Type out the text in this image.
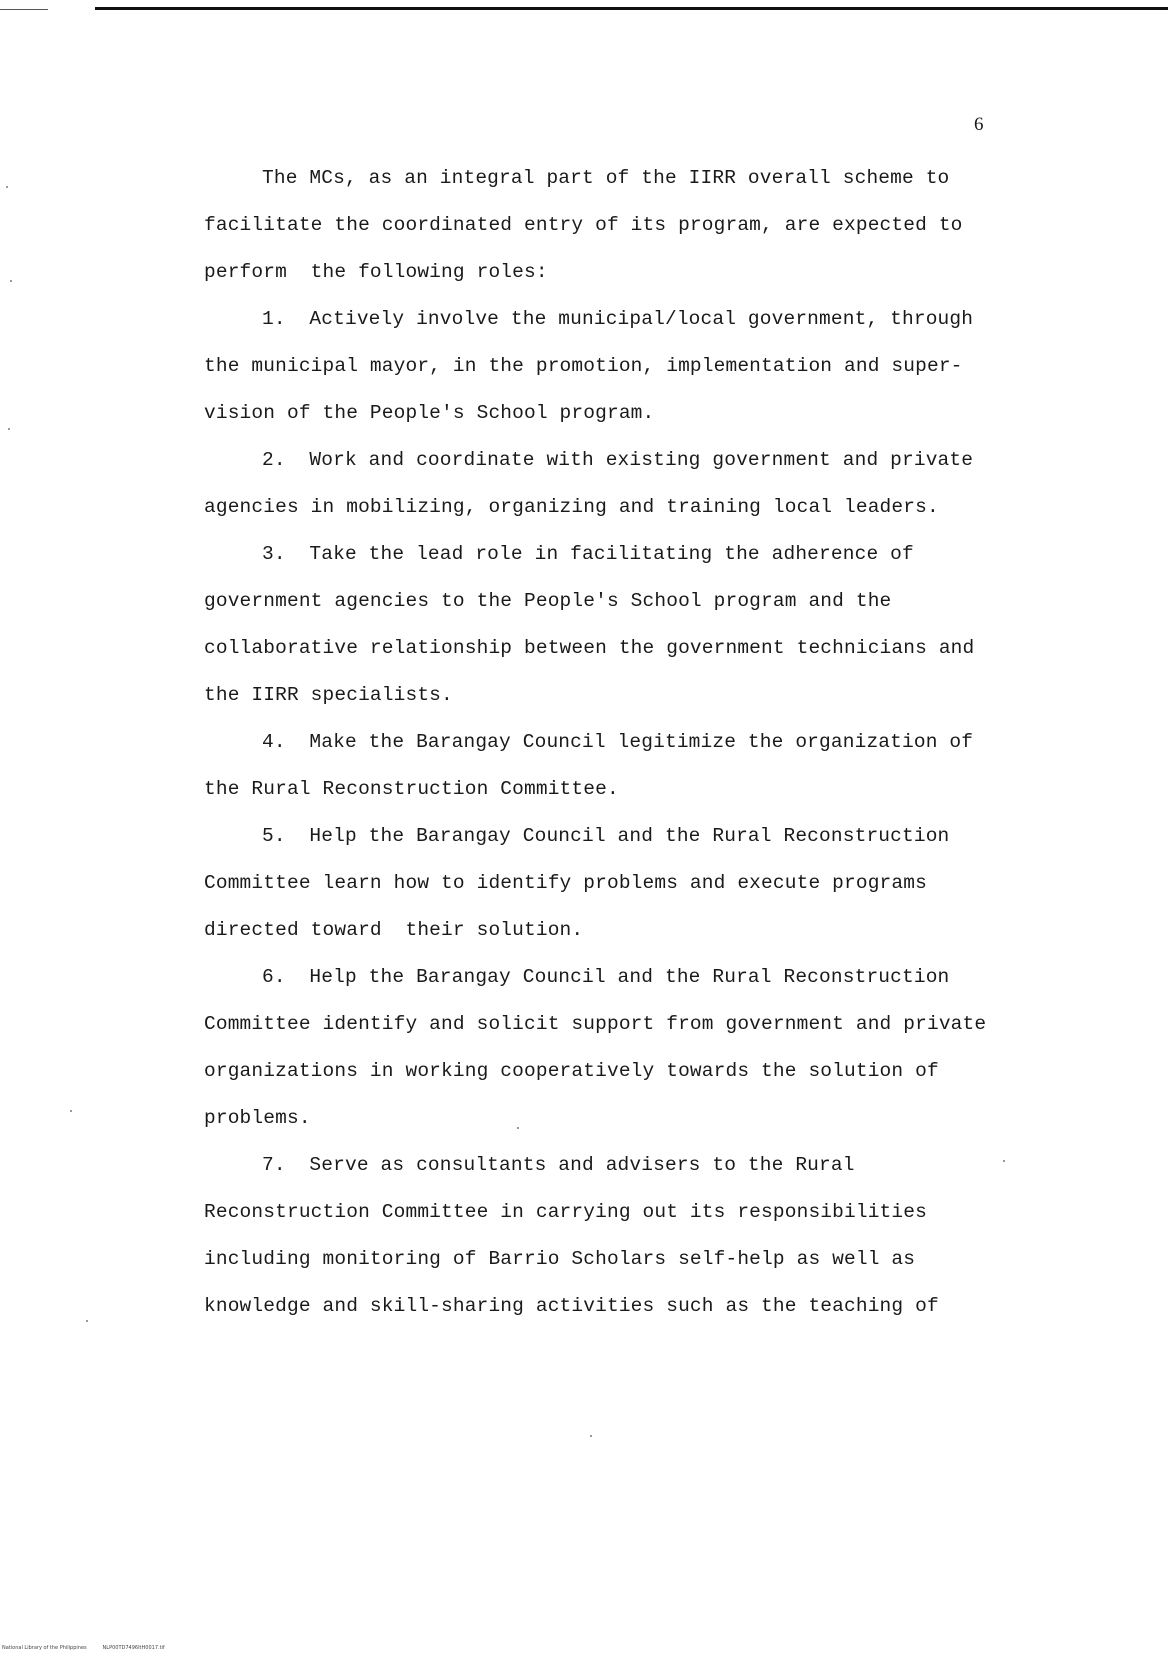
6
The MCs, as an integral part of the IIRR overall scheme to
facilitate the coordinated entry of its program, are expected to
perform  the following roles:
1.  Actively involve the municipal/local government, through
the municipal mayor, in the promotion, implementation and super-
vision of the People's School program.
2.  Work and coordinate with existing government and private
agencies in mobilizing, organizing and training local leaders.
3.  Take the lead role in facilitating the adherence of
government agencies to the People's School program and the
collaborative relationship between the government technicians and
the IIRR specialists.
4.  Make the Barangay Council legitimize the organization of
the Rural Reconstruction Committee.
5.  Help the Barangay Council and the Rural Reconstruction
Committee learn how to identify problems and execute programs
directed toward  their solution.
6.  Help the Barangay Council and the Rural Reconstruction
Committee identify and solicit support from government and private
organizations in working cooperatively towards the solution of
problems.
7.  Serve as consultants and advisers to the Rural
Reconstruction Committee in carrying out its responsibilities
including monitoring of Barrio Scholars self-help as well as
knowledge and skill-sharing activities such as the teaching of
National Library of the Philippines	NLP00TD7496ItH0017.tif
